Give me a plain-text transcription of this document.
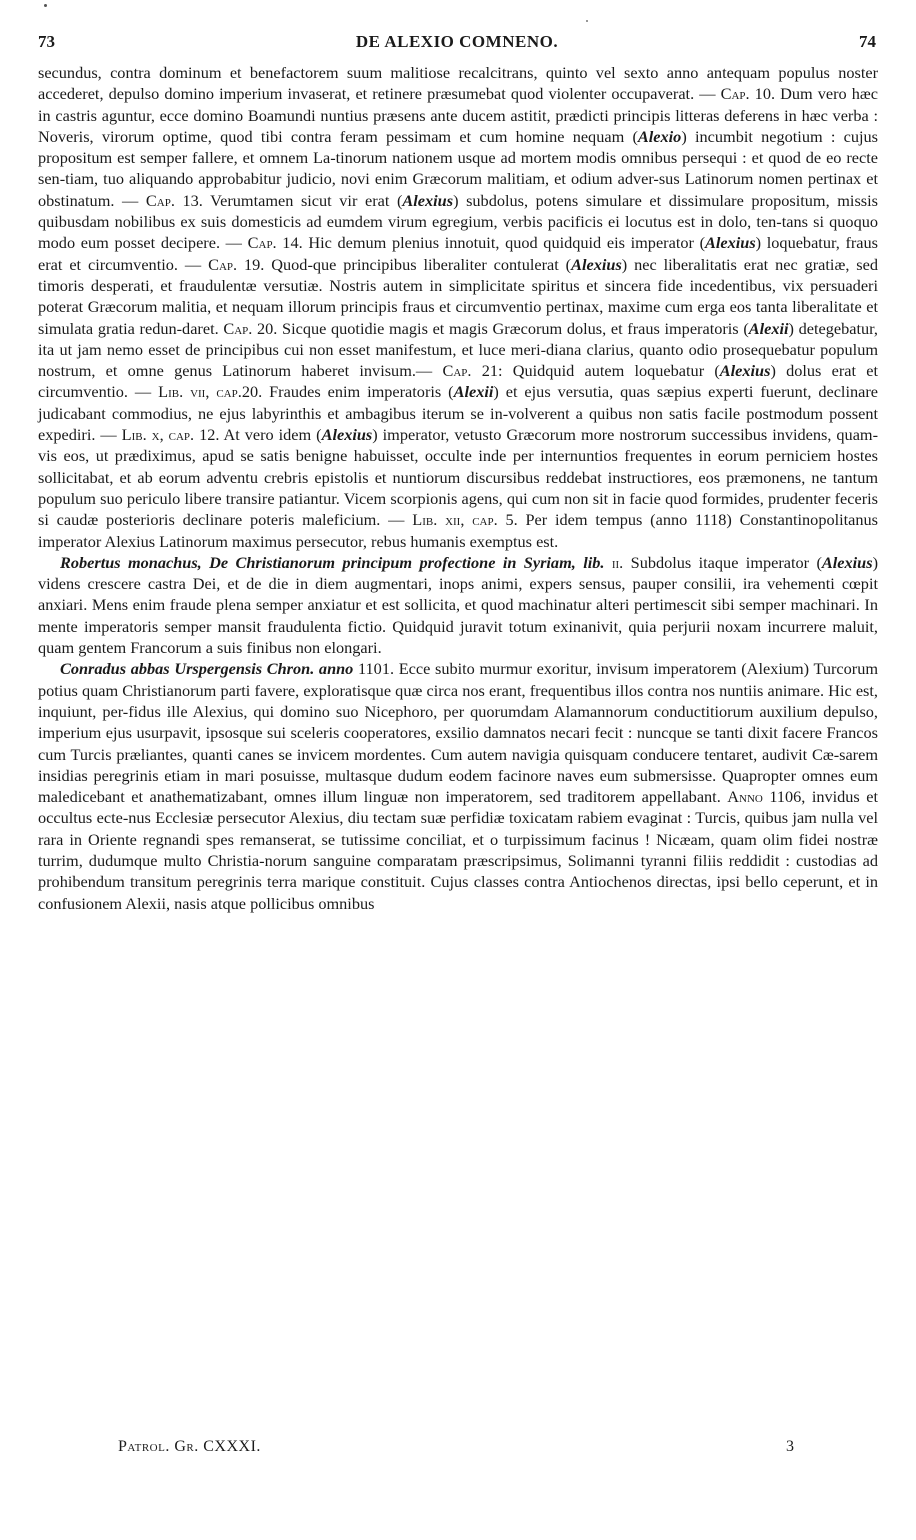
73	DE ALEXIO COMNENO.	74

secundus, contra dominum et benefactorem suum malitiose recalcitrans, quinto vel sexto anno antequam populus noster accederet, depulso domino imperium invaserat, et retinere præsumebat quod violenter occupaverat. — Cap. 10. Dum vero hæc in castris aguntur, ecce domino Boamundi nuntius præsens ante ducem astitit, prædicti principis litteras deferens in hæc verba : Noveris, virorum optime, quod tibi contra feram pessimam et cum homine nequam (Alexio) incumbit negotium : cujus propositum est semper fallere, et omnem La-tinorum nationem usque ad mortem modis omnibus persequi : et quod de eo recte sen-tiam, tuo aliquando approbabitur judicio, novi enim Græcorum malitiam, et odium adver-sus Latinorum nomen pertinax et obstinatum. — Cap. 13. Verumtamen sicut vir erat (Alexius) subdolus, potens simulare et dissimulare propositum, missis quibusdam nobilibus ex suis domesticis ad eumdem virum egregium, verbis pacificis ei locutus est in dolo, ten-tans si quoquo modo eum posset decipere. — Cap. 14. Hic demum plenius innotuit, quod quidquid eis imperator (Alexius) loquebatur, fraus erat et circumventio. — Cap. 19. Quod-que principibus liberaliter contulerat (Alexius) nec liberalitatis erat nec gratiæ, sed timoris desperati, et fraudulentæ versutiæ. Nostris autem in simplicitate spiritus et sincera fide incedentibus, vix persuaderi poterat Græcorum malitia, et nequam illorum principis fraus et circumventio pertinax, maxime cum erga eos tanta liberalitate et simulata gratia redun-daret. Cap. 20. Sicque quotidie magis et magis Græcorum dolus, et fraus imperatoris (Alexii) detegebatur, ita ut jam nemo esset de principibus cui non esset manifestum, et luce meri-diana clarius, quanto odio prosequebatur populum nostrum, et omne genus Latinorum haberet invisum.— Cap. 21: Quidquid autem loquebatur (Alexius) dolus erat et circumventio. — Lib. vii, cap.20. Fraudes enim imperatoris (Alexii) et ejus versutia, quas sæpius experti fuerunt, declinare judicabant commodius, ne ejus labyrinthis et ambagibus iterum se in-volverent a quibus non satis facile postmodum possent expediri. — Lib. x, cap. 12. At vero idem (Alexius) imperator, vetusto Græcorum more nostrorum successibus invidens, quam-vis eos, ut prædiximus, apud se satis benigne habuisset, occulte inde per internuntios frequentes in eorum perniciem hostes sollicitabat, et ab eorum adventu crebris epistolis et nuntiorum discursibus reddebat instructiores, eos præmonens, ne tantum populum suo periculo libere transire patiantur. Vicem scorpionis agens, qui cum non sit in facie quod formides, prudenter feceris si caudæ posterioris declinare poteris maleficium. — Lib. xii, cap. 5. Per idem tempus (anno 1118) Constantinopolitanus imperator Alexius Latinorum maximus persecutor, rebus humanis exemptus est.

Robertus monachus, De Christianorum principum profectione in Syriam, lib. ii. Subdolus itaque imperator (Alexius) videns crescere castra Dei, et de die in diem augmentari, inops animi, expers sensus, pauper consilii, ira vehementi cœpit anxiari. Mens enim fraude plena semper anxiatur et est sollicita, et quod machinatur alteri pertimescit sibi semper machinari. In mente imperatoris semper mansit fraudulenta fictio. Quidquid juravit totum exinanivit, quia perjurii noxam incurrere maluit, quam gentem Francorum a suis finibus non elongari.

Conradus abbas Urspergensis Chron. anno 1101. Ecce subito murmur exoritur, invisum imperatorem (Alexium) Turcorum potius quam Christianorum parti favere, exploratisque quæ circa nos erant, frequentibus illos contra nos nuntiis animare. Hic est, inquiunt, per-fidus ille Alexius, qui domino suo Nicephoro, per quorumdam Alamannorum conductitiorum auxilium depulso, imperium ejus usurpavit, ipsosque sui sceleris cooperatores, exsilio damnatos necari fecit : nuncque se tanti dixit facere Francos cum Turcis præliantes, quanti canes se invicem mordentes. Cum autem navigia quisquam conducere tentaret, audivit Cæ-sarem insidias peregrinis etiam in mari posuisse, multasque dudum eodem facinore naves eum submersisse. Quapropter omnes eum maledicebant et anathematizabant, omnes illum linguæ non imperatorem, sed traditorem appellabant. Anno 1106, invidus et occultus ecte-nus Ecclesiæ persecutor Alexius, diu tectam suæ perfidiæ toxicatam rabiem evaginat : Turcis, quibus jam nulla vel rara in Oriente regnandi spes remanserat, se tutissime conciliat, et o turpissimum facinus ! Nicæam, quam olim fidei nostræ turrim, dudumque multo Christia-norum sanguine comparatam præscripsimus, Solimanni tyranni filiis reddidit : custodias ad prohibendum transitum peregrinis terra marique constituit. Cujus classes contra Antiochenos directas, ipsi bello ceperunt, et in confusionem Alexii, nasis atque pollicibus omnibus

Patrol. Gr. CXXXI.	3
